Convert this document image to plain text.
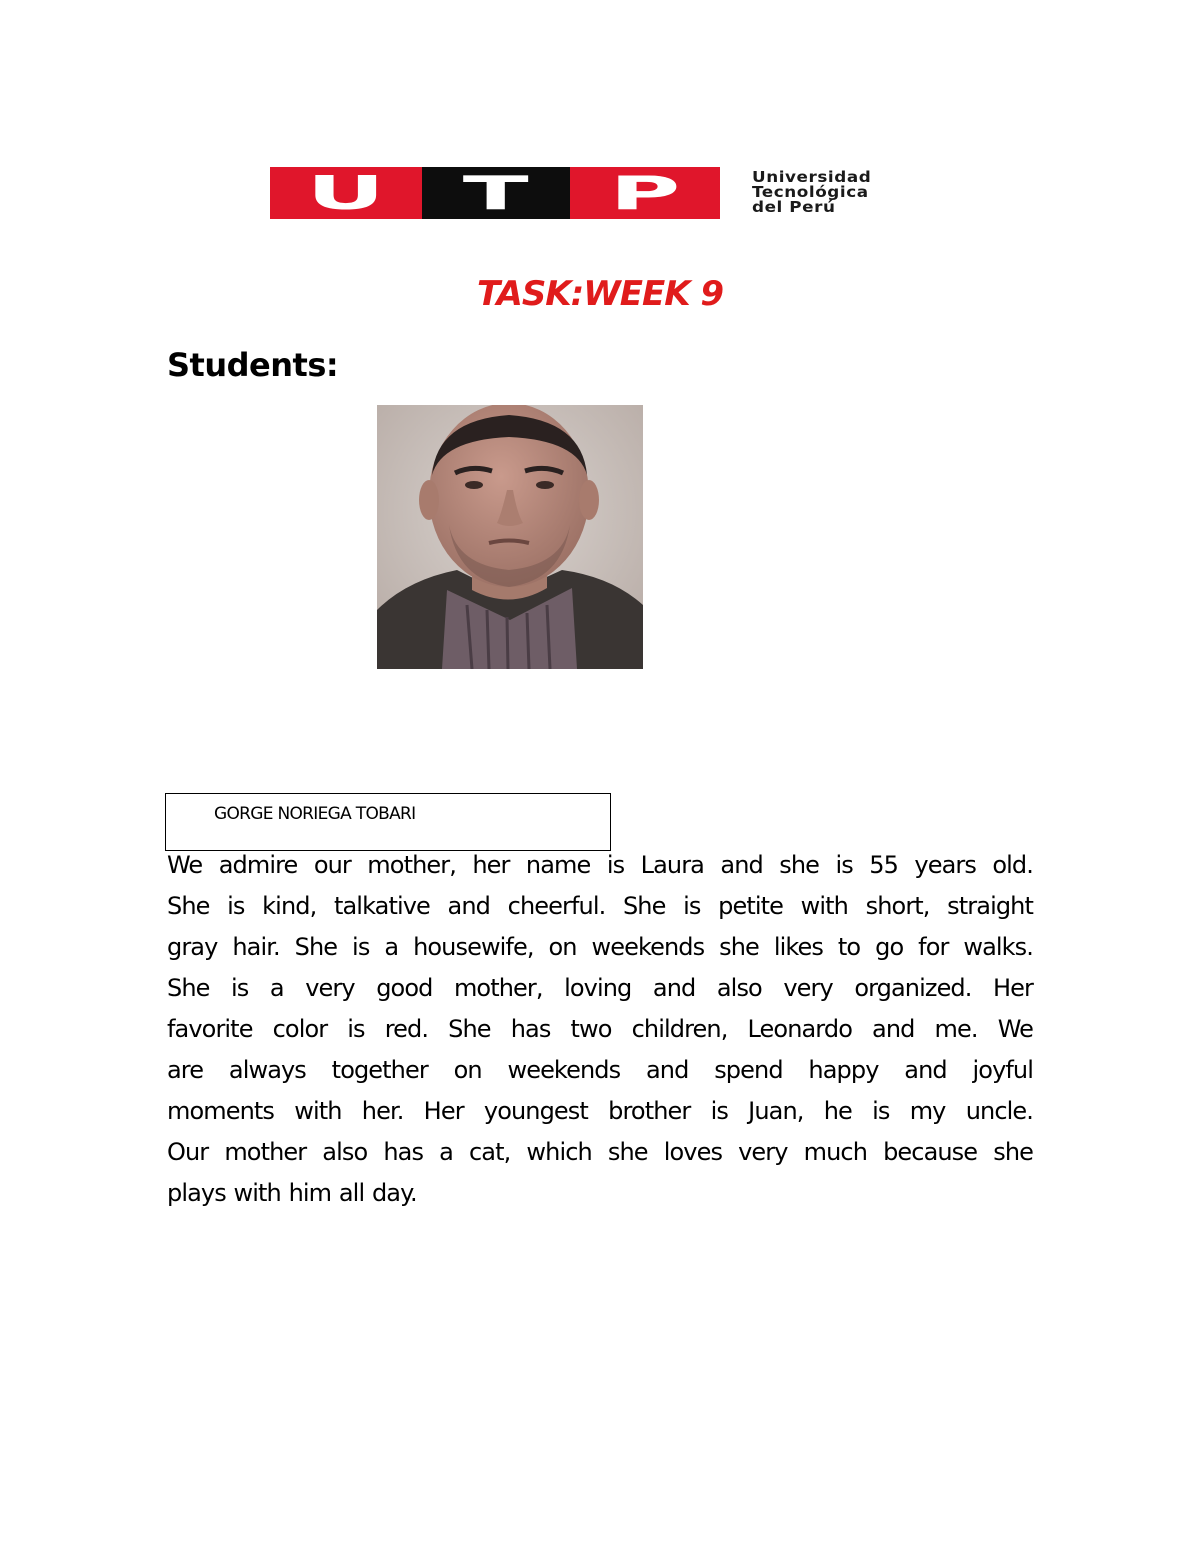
U T P	Universidad
Tecnológica
del Perú
TASK:WEEK 9
Students:
GORGE NORIEGA TOBARI
We admire our mother, her name is Laura and she is 55 years old.
She is kind, talkative and cheerful. She is petite with short, straight
gray hair. She is a housewife, on weekends she likes to go for walks.
She is a very good mother, loving and also very organized. Her
favorite color is red. She has two children, Leonardo and me. We
are always together on weekends and spend happy and joyful
moments with her. Her youngest brother is Juan, he is my uncle.
Our mother also has a cat, which she loves very much because she
plays with him all day.
